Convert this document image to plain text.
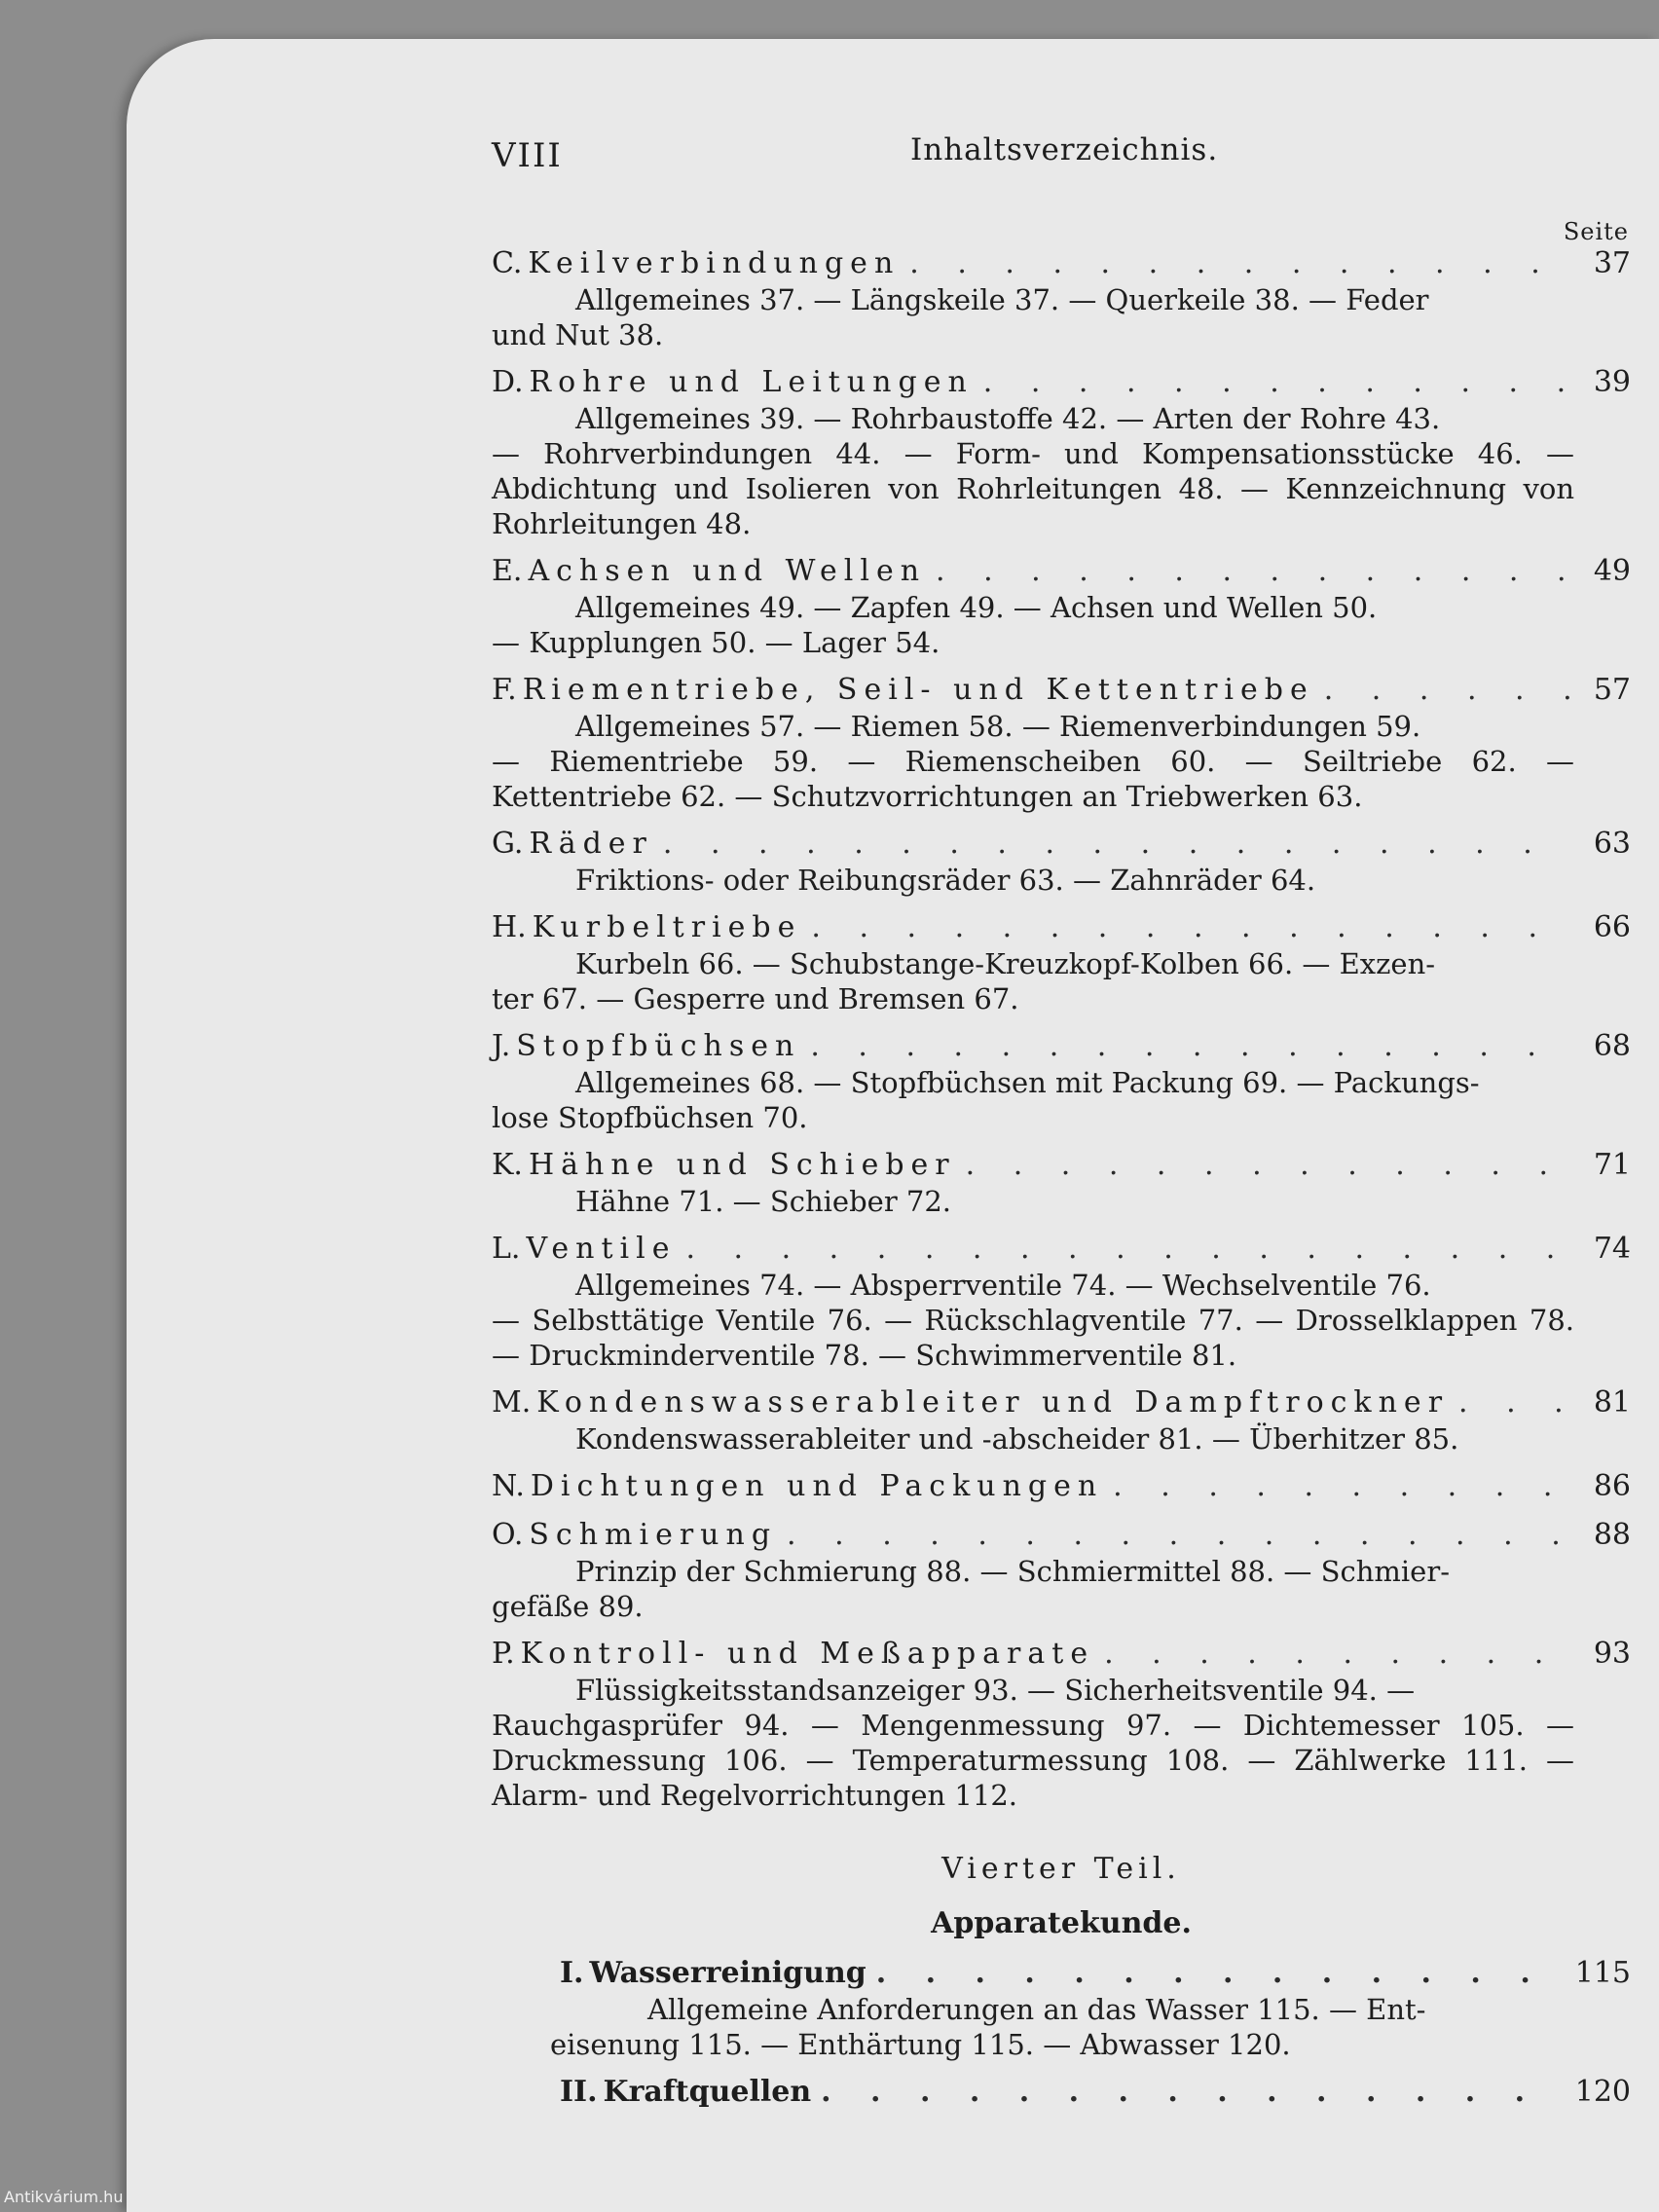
VIII	Inhaltsverzeichnis.
Seite
C. Keilverbindungen . . .	37
Allgemeines 37. — Längskeile 37. — Querkeile 38. — Feder
und Nut 38.
D. Rohre und Leitungen . . .	39
Allgemeines 39. — Rohrbaustoffe 42. — Arten der Rohre 43.
— Rohrverbindungen 44. — Form- und Kompensationsstücke 46. — Abdichtung und Isolieren von Rohrleitungen 48. — Kennzeichnung von Rohrleitungen 48.
E. Achsen und Wellen . . .	49
Allgemeines 49. — Zapfen 49. — Achsen und Wellen 50.
— Kupplungen 50. — Lager 54.
F. Riementriebe, Seil- und Kettentriebe . . .	57
Allgemeines 57. — Riemen 58. — Riemenverbindungen 59.
— Riementriebe 59. — Riemenscheiben 60. — Seiltriebe 62. — Kettentriebe 62. — Schutzvorrichtungen an Triebwerken 63.
G. Räder . . .	63
Friktions- oder Reibungsräder 63. — Zahnräder 64.
H. Kurbeltriebe . . .	66
Kurbeln 66. — Schubstange-Kreuzkopf-Kolben 66. — Exzen-
ter 67. — Gesperre und Bremsen 67.
J. Stopfbüchsen . . .	68
Allgemeines 68. — Stopfbüchsen mit Packung 69. — Packungs-
lose Stopfbüchsen 70.
K. Hähne und Schieber . . .	71
Hähne 71. — Schieber 72.
L. Ventile . . .	74
Allgemeines 74. — Absperrventile 74. — Wechselventile 76.
— Selbsttätige Ventile 76. — Rückschlagventile 77. — Drosselklappen 78. — Druckminderventile 78. — Schwimmerventile 81.
M. Kondenswasserableiter und Dampftrockner . . .	81
Kondenswasserableiter und -abscheider 81. — Überhitzer 85.
N. Dichtungen und Packungen . . .	86
O. Schmierung . . .	88
Prinzip der Schmierung 88. — Schmiermittel 88. — Schmier-
gefäße 89.
P. Kontroll- und Meßapparate . . .	93
Flüssigkeitsstandsanzeiger 93. — Sicherheitsventile 94. —
Rauchgasprüfer 94. — Mengenmessung 97. — Dichtemesser 105. — Druckmessung 106. — Temperaturmessung 108. — Zählwerke 111. — Alarm- und Regelvorrichtungen 112.
Vierter Teil.
Apparatekunde.
I. Wasserreinigung . . .	115
Allgemeine Anforderungen an das Wasser 115. — Ent-
eisenung 115. — Enthärtung 115. — Abwasser 120.
II. Kraftquellen . . .	120
Antikvárium.hu
